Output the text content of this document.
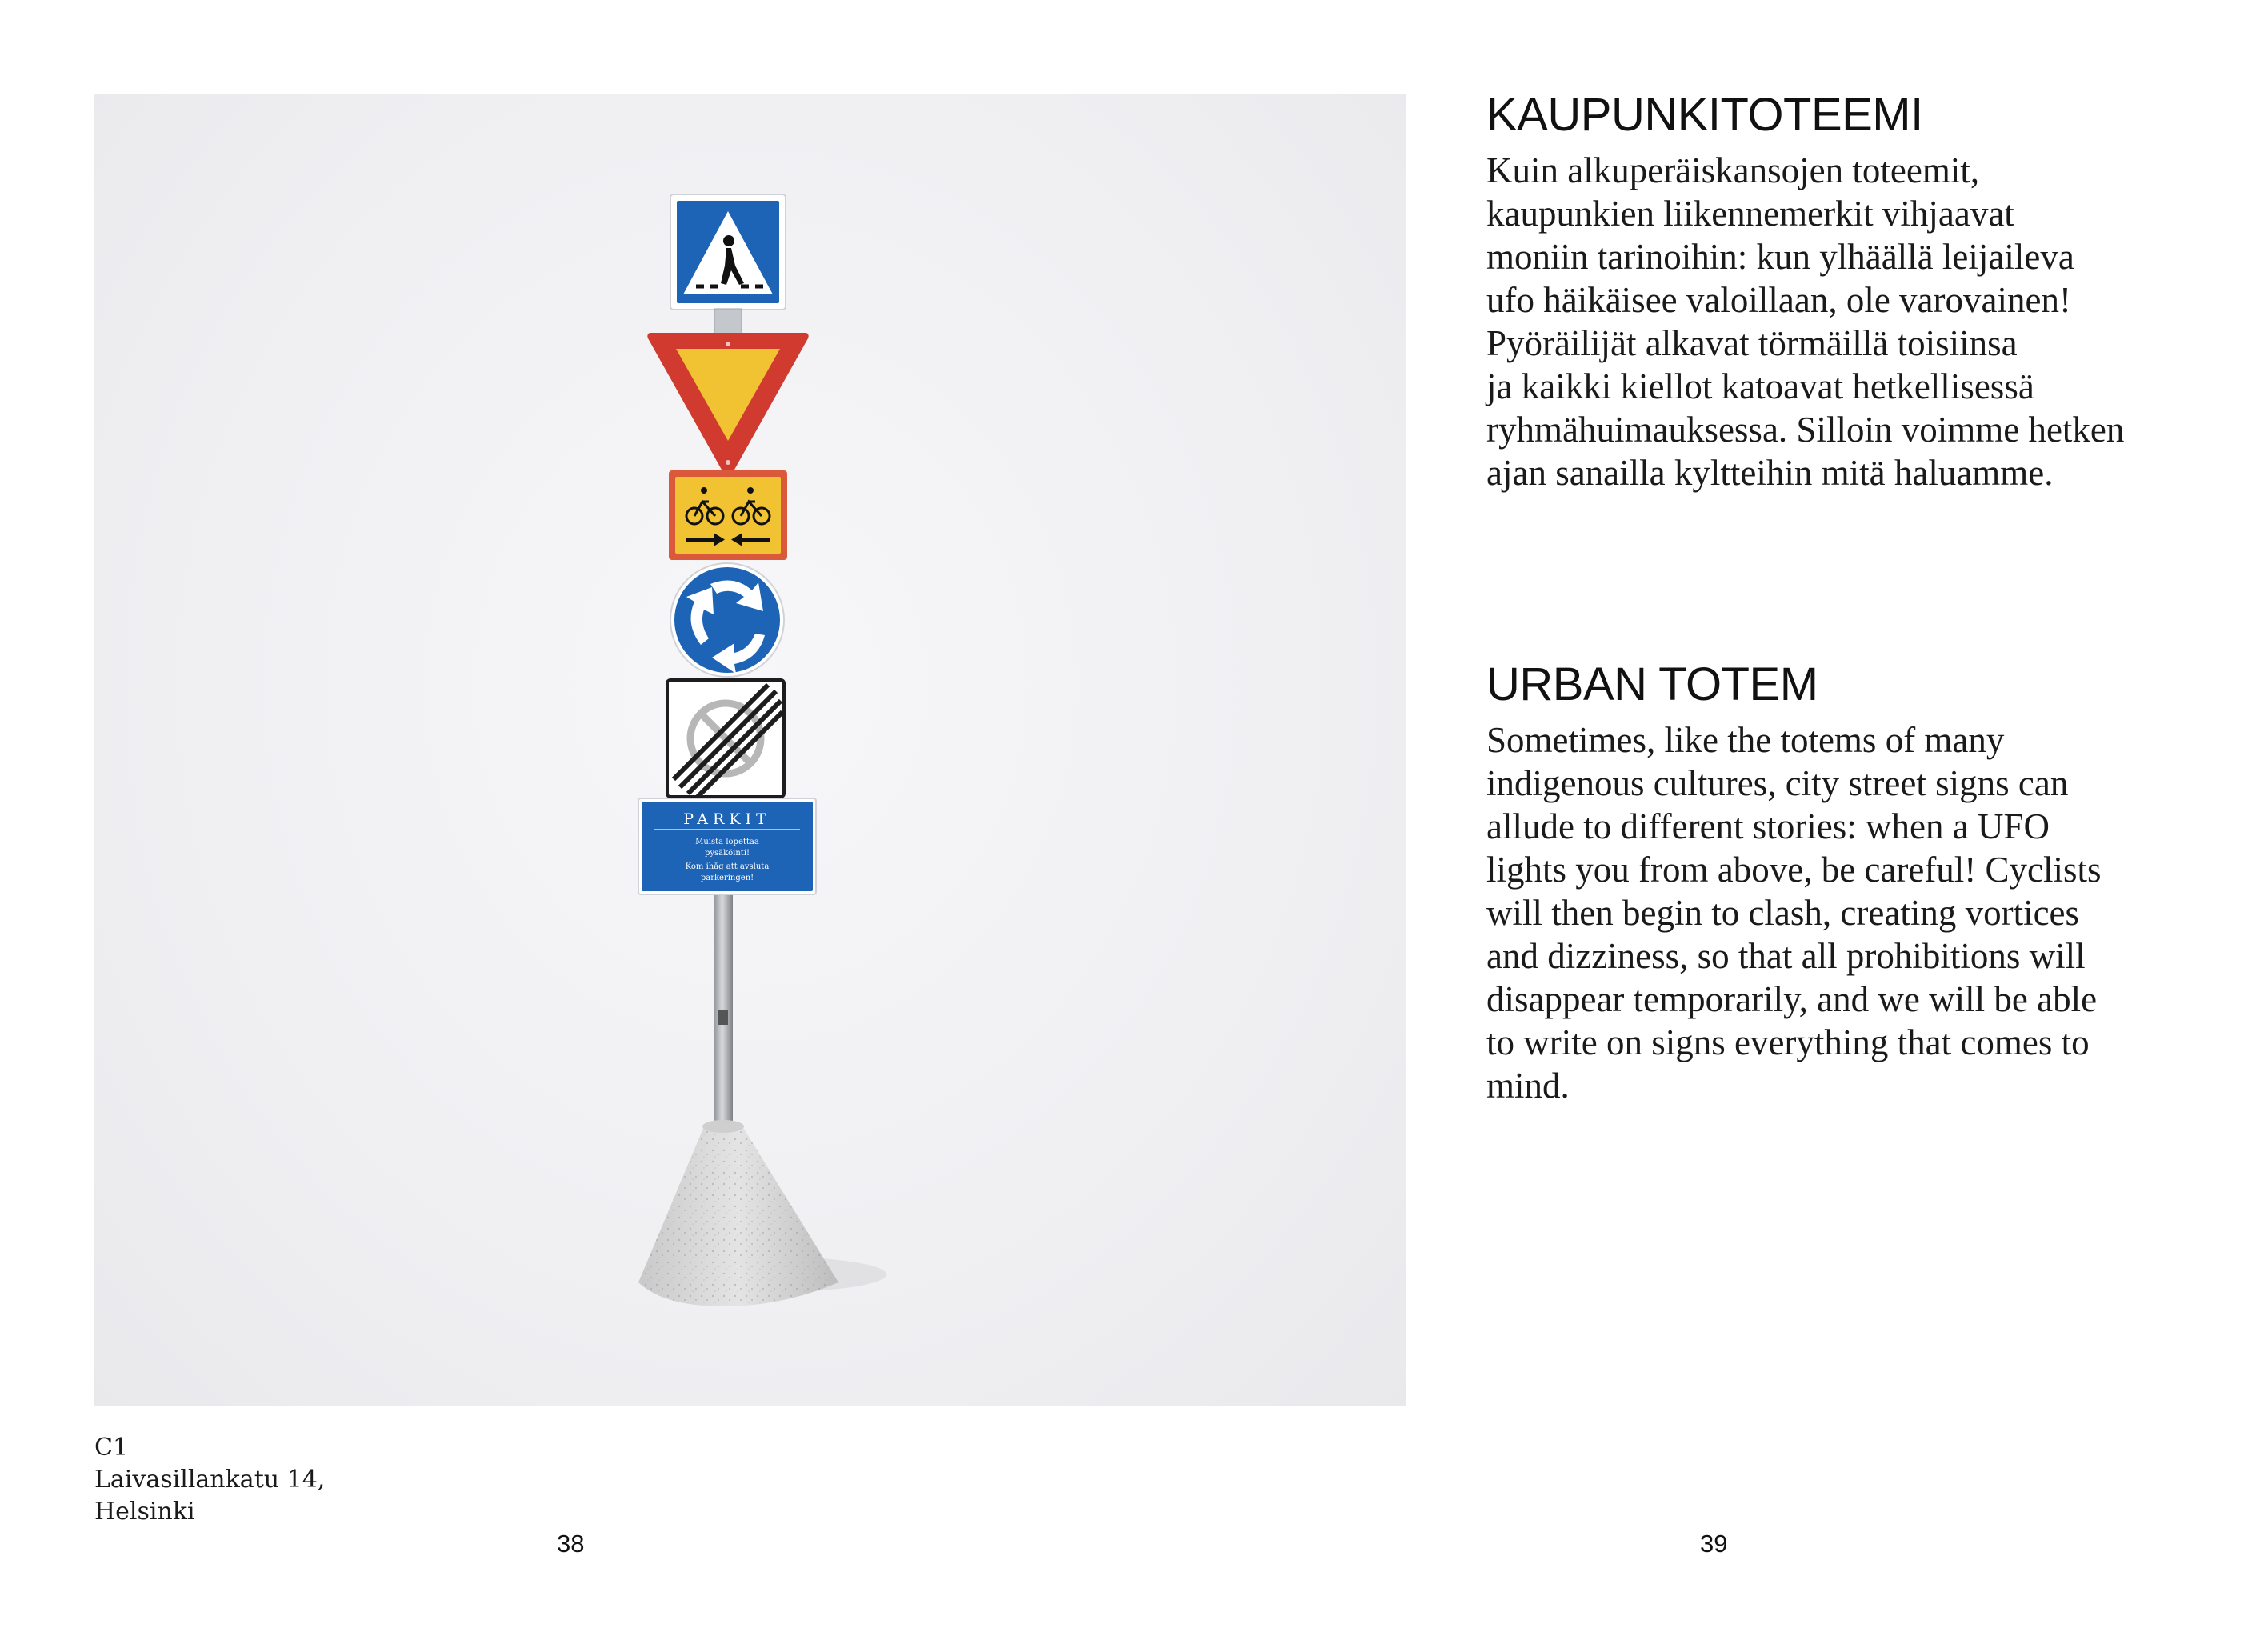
PARKIT
Muista lopettaa
pysäköinti!
Kom ihåg att avsluta
parkeringen!
C1
Laivasillankatu 14,
Helsinki
38	39
KAUPUNKITOTEEMI
Kuin alkuperäiskansojen toteemit,
kaupunkien liikennemerkit vihjaavat
moniin tarinoihin: kun ylhäällä leijaileva
ufo häikäisee valoillaan, ole varovainen!
Pyöräilijät alkavat törmäillä toisiinsa
ja kaikki kiellot katoavat hetkellisessä
ryhmähuimauksessa. Silloin voimme hetken
ajan sanailla kyltteihin mitä haluamme.
URBAN TOTEM
Sometimes, like the totems of many
indigenous cultures, city street signs can
allude to different stories: when a UFO
lights you from above, be careful! Cyclists
will then begin to clash, creating vortices
and dizziness, so that all prohibitions will
disappear temporarily, and we will be able
to write on signs everything that comes to
mind.
